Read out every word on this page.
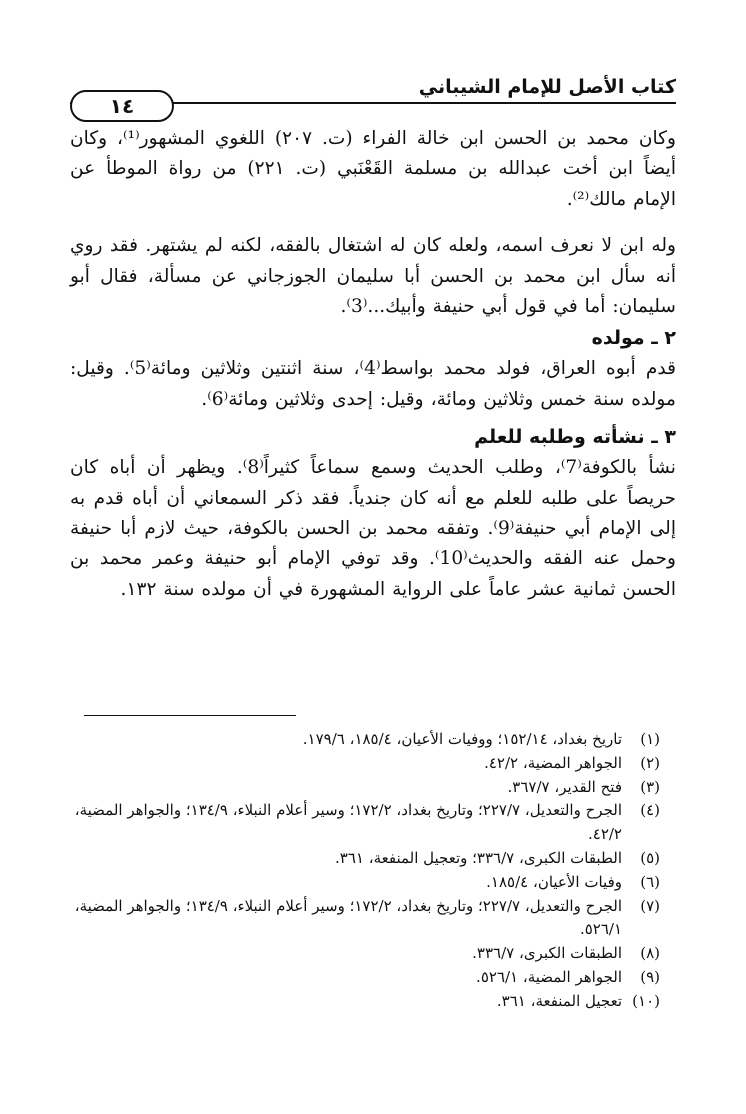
كتاب الأصل للإمام الشيباني
١٤

وكان محمد بن الحسن ابن خالة الفراء (ت. ٢٠٧) اللغوي المشهور⁽¹⁾، وكان أيضاً ابن أخت عبدالله بن مسلمة القَعْنَبي (ت. ٢٢١) من رواة الموطأ عن الإمام مالك⁽²⁾.

وله ابن لا نعرف اسمه، ولعله كان له اشتغال بالفقه، لكنه لم يشتهر. فقد روي أنه سأل ابن محمد بن الحسن أبا سليمان الجوزجاني عن مسألة، فقال أبو سليمان: أما في قول أبي حنيفة وأبيك...⁽3⁾.

٢ ـ مولده

قدم أبوه العراق، فولد محمد بواسط⁽4⁾، سنة اثنتين وثلاثين ومائة⁽5⁾. وقيل: مولده سنة خمس وثلاثين ومائة، وقيل: إحدى وثلاثين ومائة⁽6⁾.

٣ ـ نشأته وطلبه للعلم

نشأ بالكوفة⁽7⁾، وطلب الحديث وسمع سماعاً كثيراً⁽8⁾. ويظهر أن أباه كان حريصاً على طلبه للعلم مع أنه كان جندياً. فقد ذكر السمعاني أن أباه قدم به إلى الإمام أبي حنيفة⁽9⁾. وتفقه محمد بن الحسن بالكوفة، حيث لازم أبا حنيفة وحمل عنه الفقه والحديث⁽10⁾. وقد توفي الإمام أبو حنيفة وعمر محمد بن الحسن ثمانية عشر عاماً على الرواية المشهورة في أن مولده سنة ١٣٢.

(١)
تاريخ بغداد، ١٥٢/١٤؛ ووفيات الأعيان، ١٨٥/٤، ١٧٩/٦.
(٢)
الجواهر المضية، ٤٢/٢.
(٣)
فتح القدير، ٣٦٧/٧.
(٤)
الجرح والتعديل، ٢٢٧/٧؛ وتاريخ بغداد، ١٧٢/٢؛ وسير أعلام النبلاء، ١٣٤/٩؛ والجواهر المضية، ٤٢/٢.
(٥)
الطبقات الكبرى، ٣٣٦/٧؛ وتعجيل المنفعة، ٣٦١.
(٦)
وفيات الأعيان، ١٨٥/٤.
(٧)
الجرح والتعديل، ٢٢٧/٧؛ وتاريخ بغداد، ١٧٢/٢؛ وسير أعلام النبلاء، ١٣٤/٩؛ والجواهر المضية، ٥٢٦/١.
(٨)
الطبقات الكبرى، ٣٣٦/٧.
(٩)
الجواهر المضية، ٥٢٦/١.
(١٠)
تعجيل المنفعة، ٣٦١.
